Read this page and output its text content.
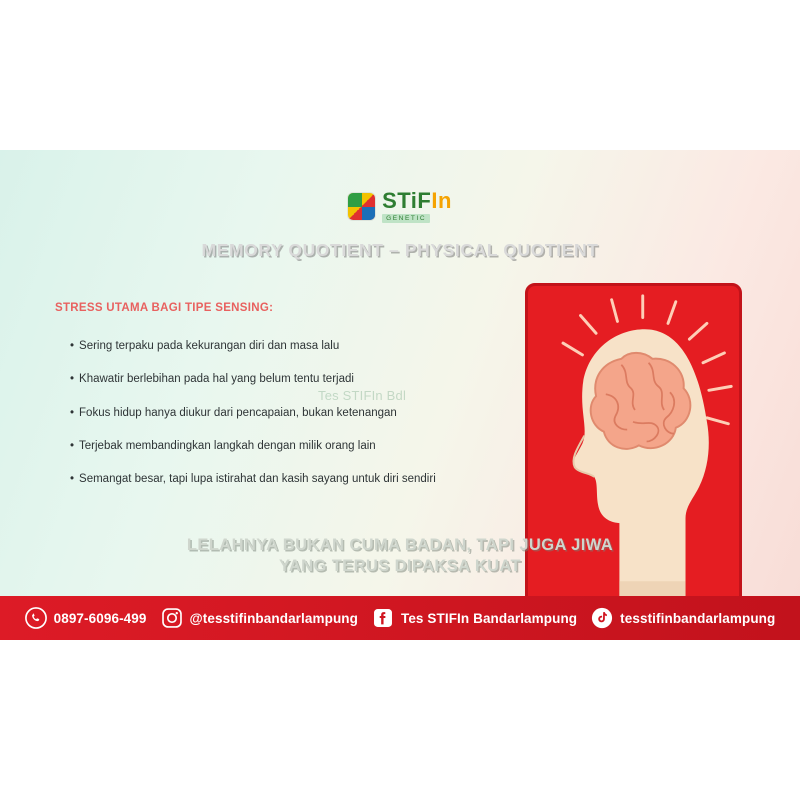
STiFIn
GENETIC
MEMORY QUOTIENT – PHYSICAL QUOTIENT
STRESS UTAMA BAGI TIPE SENSING:
• Sering terpaku pada kekurangan diri dan masa lalu
• Khawatir berlebihan pada hal yang belum tentu terjadi
• Fokus hidup hanya diukur dari pencapaian, bukan ketenangan
• Terjebak membandingkan langkah dengan milik orang lain
• Semangat besar, tapi lupa istirahat dan kasih sayang untuk diri sendiri
Tes STIFIn Bdl
LELAHNYA BUKAN CUMA BADAN, TAPI JUGA JIWA
YANG TERUS DIPAKSA KUAT
0897-6096-499	@tesstifinbandarlampung	Tes STIFIn Bandarlampung	tesstifinbandarlampung
